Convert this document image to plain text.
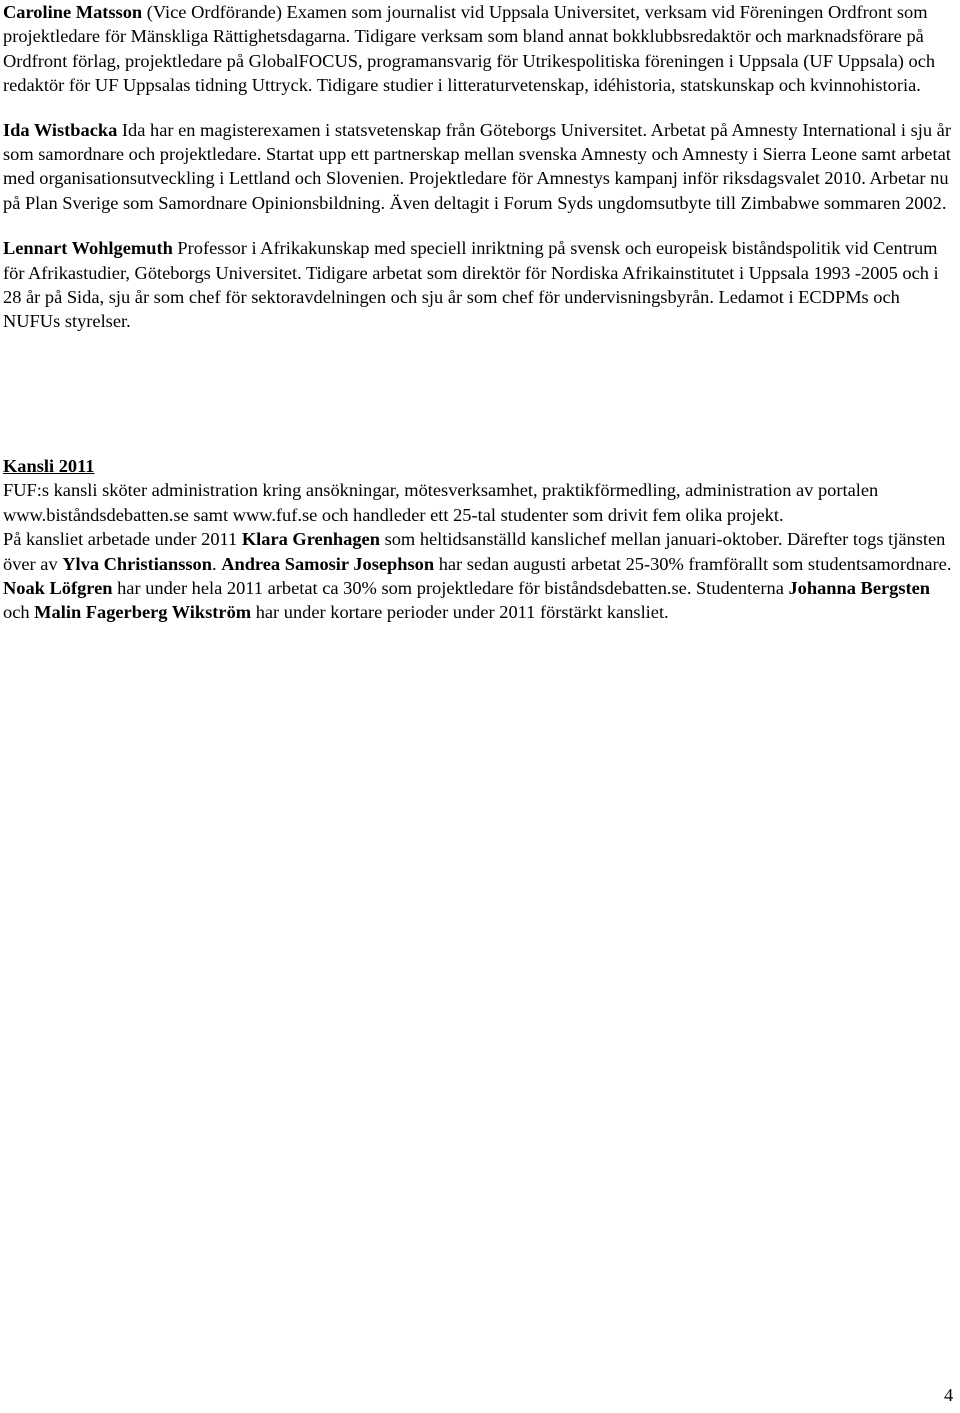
Caroline Matsson (Vice Ordförande) Examen som journalist vid Uppsala Universitet, verksam vid Föreningen Ordfront som projektledare för Mänskliga Rättighetsdagarna. Tidigare verksam som bland annat bokklubbsredaktör och marknadsförare på Ordfront förlag, projektledare på GlobalFOCUS, programansvarig för Utrikespolitiska föreningen i Uppsala (UF Uppsala) och redaktör för UF Uppsalas tidning Uttryck. Tidigare studier i litteraturvetenskap, idéhistoria, statskunskap och kvinnohistoria.

Ida Wistbacka Ida har en magisterexamen i statsvetenskap från Göteborgs Universitet. Arbetat på Amnesty International i sju år som samordnare och projektledare. Startat upp ett partnerskap mellan svenska Amnesty och Amnesty i Sierra Leone samt arbetat med organisationsutveckling i Lettland och Slovenien. Projektledare för Amnestys kampanj inför riksdagsvalet 2010. Arbetar nu på Plan Sverige som Samordnare Opinionsbildning. Även deltagit i Forum Syds ungdomsutbyte till Zimbabwe sommaren 2002.

Lennart Wohlgemuth Professor i Afrikakunskap med speciell inriktning på svensk och europeisk biståndspolitik vid Centrum för Afrikastudier, Göteborgs Universitet. Tidigare arbetat som direktör för Nordiska Afrikainstitutet i Uppsala 1993 -2005 och i 28 år på Sida, sju år som chef för sektoravdelningen och sju år som chef för undervisningsbyrån. Ledamot i ECDPMs och NUFUs styrelser.

Kansli 2011

FUF:s kansli sköter administration kring ansökningar, mötesverksamhet, praktikförmedling, administration av portalen www.biståndsdebatten.se samt www.fuf.se och handleder ett 25-tal studenter som drivit fem olika projekt.

På kansliet arbetade under 2011 Klara Grenhagen som heltidsanställd kanslichef mellan januari-oktober. Därefter togs tjänsten över av Ylva Christiansson. Andrea Samosir Josephson har sedan augusti arbetat 25-30% framförallt som studentsamordnare. Noak Löfgren har under hela 2011 arbetat ca 30% som projektledare för biståndsdebatten.se. Studenterna Johanna Bergsten och Malin Fagerberg Wikström har under kortare perioder under 2011 förstärkt kansliet.

4
